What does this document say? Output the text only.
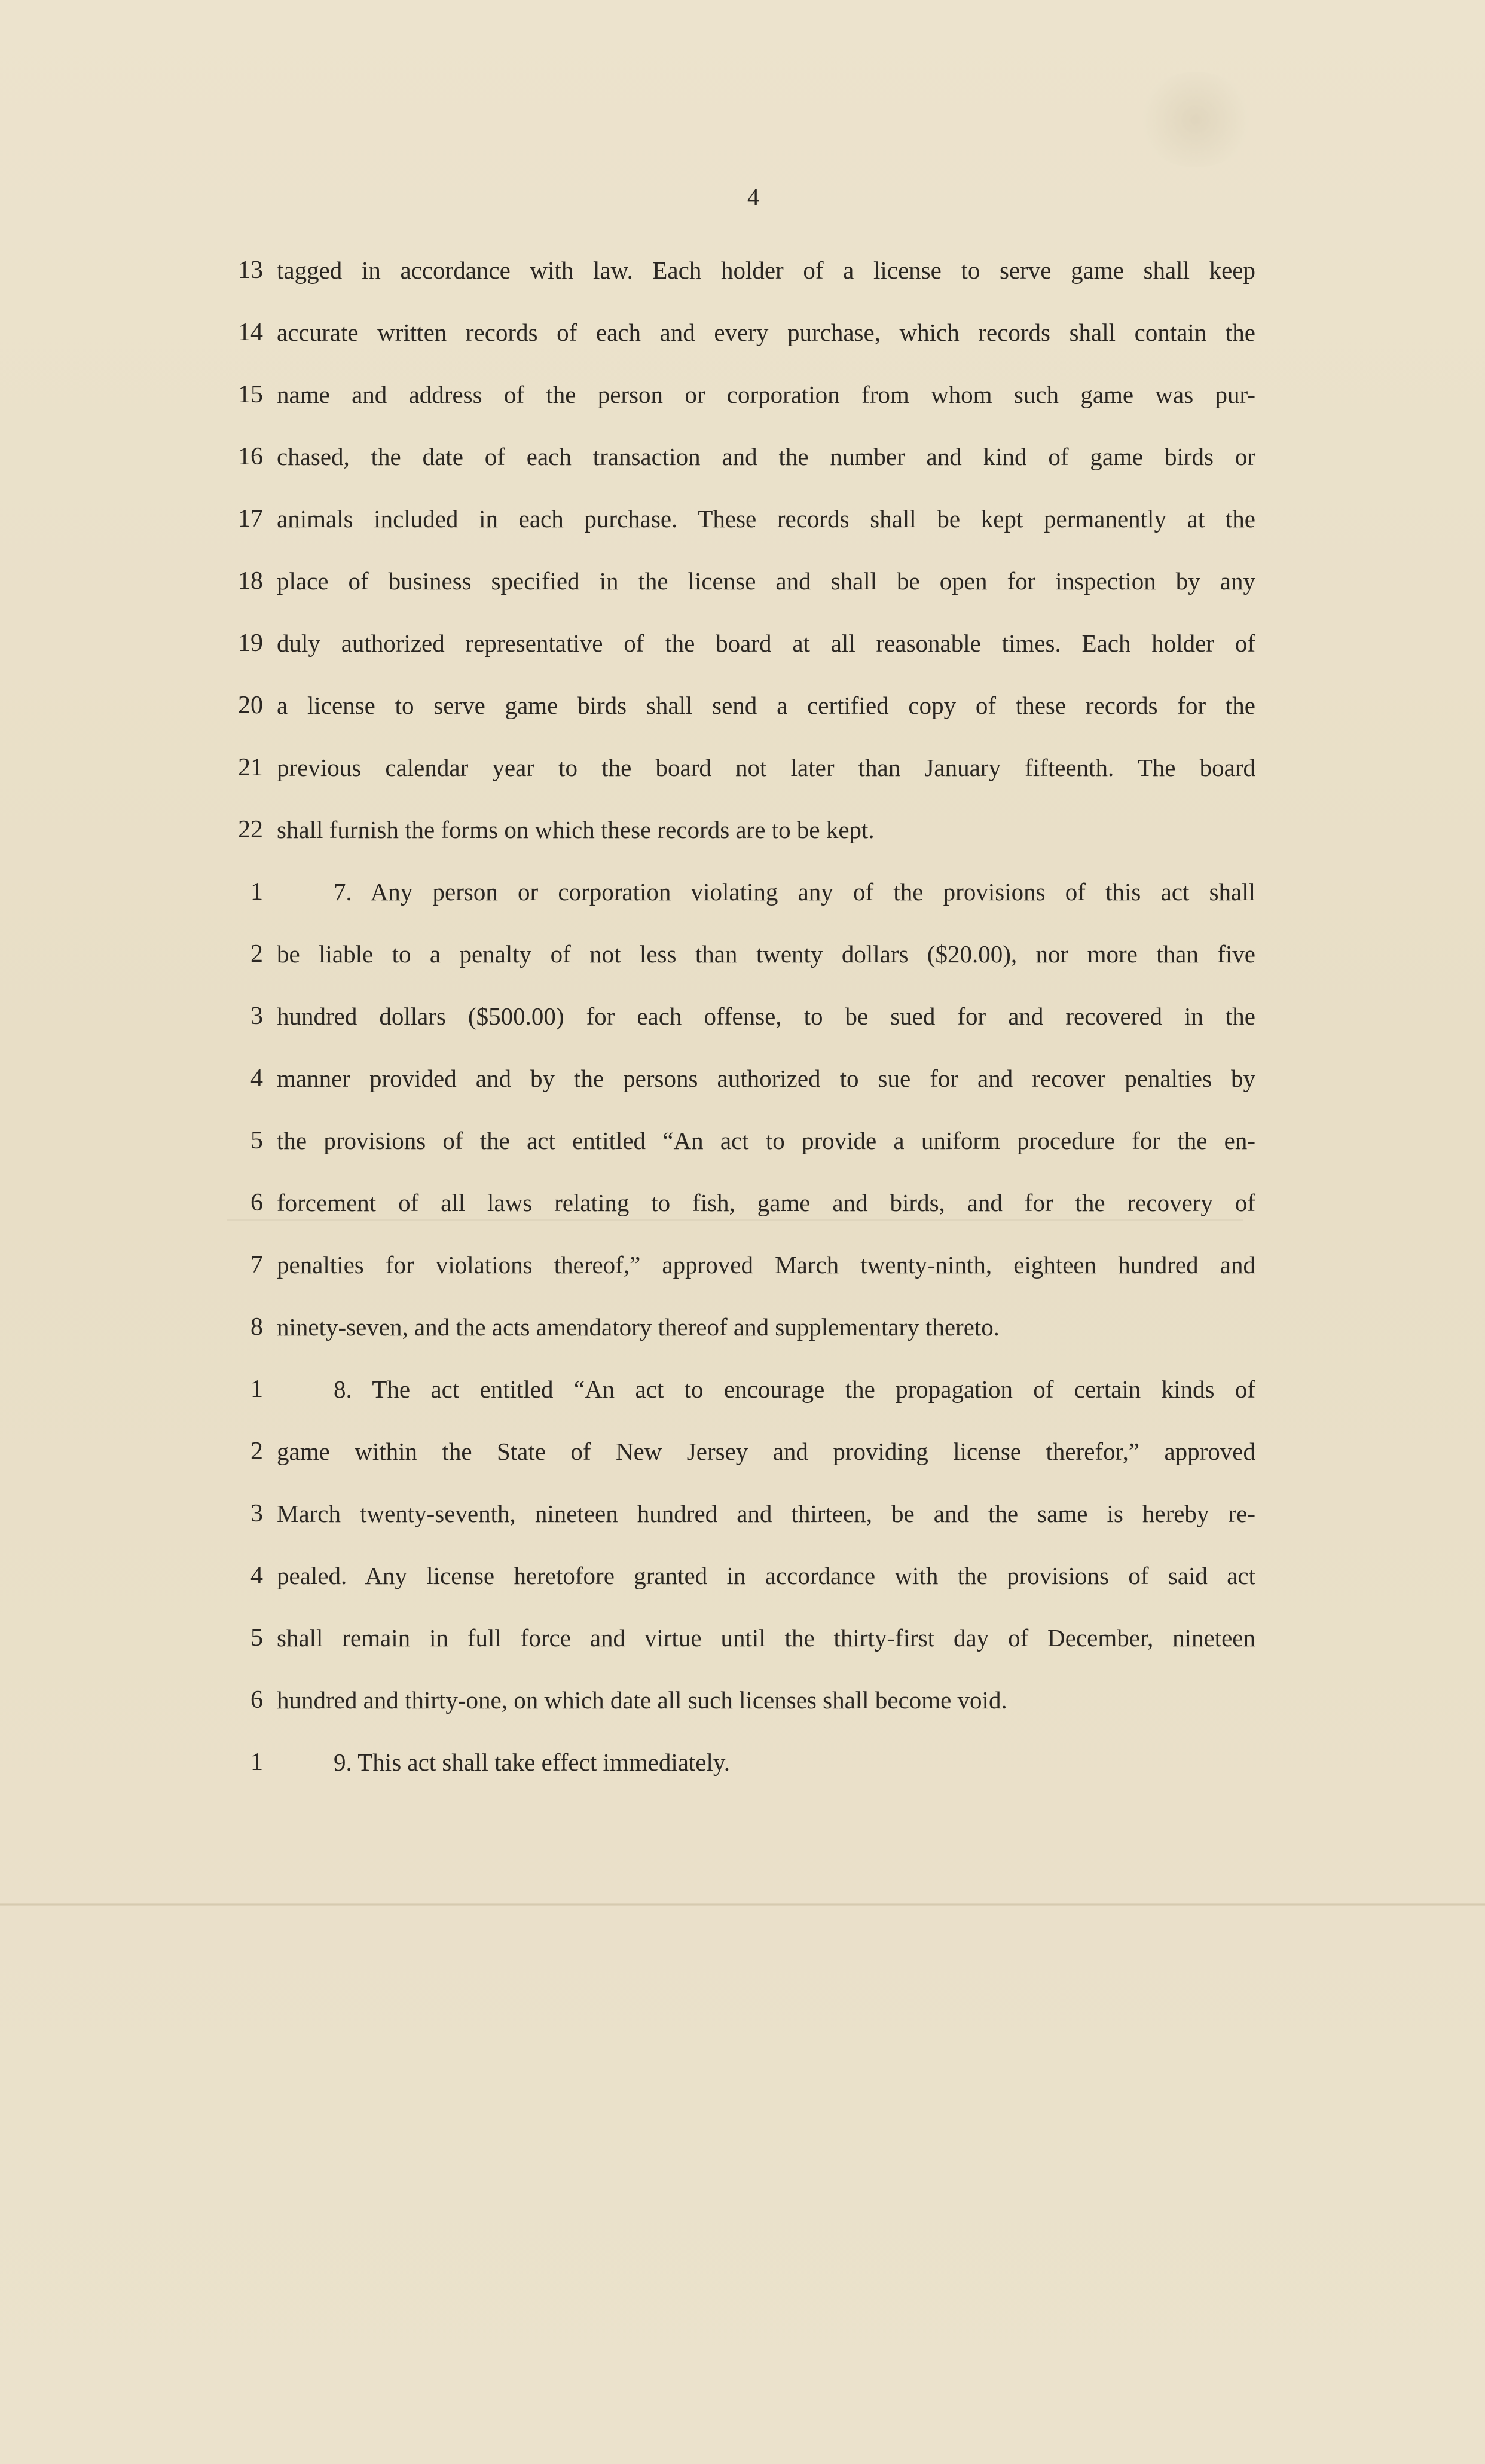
4
13 tagged in accordance with law. Each holder of a license to serve game shall keep
14 accurate written records of each and every purchase, which records shall contain the
15 name and address of the person or corporation from whom such game was pur-
16 chased, the date of each transaction and the number and kind of game birds or
17 animals included in each purchase. These records shall be kept permanently at the
18 place of business specified in the license and shall be open for inspection by any
19 duly authorized representative of the board at all reasonable times. Each holder of
20 a license to serve game birds shall send a certified copy of these records for the
21 previous calendar year to the board not later than January fifteenth. The board
22 shall furnish the forms on which these records are to be kept.
1	7. Any person or corporation violating any of the provisions of this act shall
2 be liable to a penalty of not less than twenty dollars ($20.00), nor more than five
3 hundred dollars ($500.00) for each offense, to be sued for and recovered in the
4 manner provided and by the persons authorized to sue for and recover penalties by
5 the provisions of the act entitled “An act to provide a uniform procedure for the en-
6 forcement of all laws relating to fish, game and birds, and for the recovery of
7 penalties for violations thereof,” approved March twenty-ninth, eighteen hundred and
8 ninety-seven, and the acts amendatory thereof and supplementary thereto.
1	8. The act entitled “An act to encourage the propagation of certain kinds of
2 game within the State of New Jersey and providing license therefor,” approved
3 March twenty-seventh, nineteen hundred and thirteen, be and the same is hereby re-
4 pealed. Any license heretofore granted in accordance with the provisions of said act
5 shall remain in full force and virtue until the thirty-first day of December, nineteen
6 hundred and thirty-one, on which date all such licenses shall become void.
1	9. This act shall take effect immediately.
